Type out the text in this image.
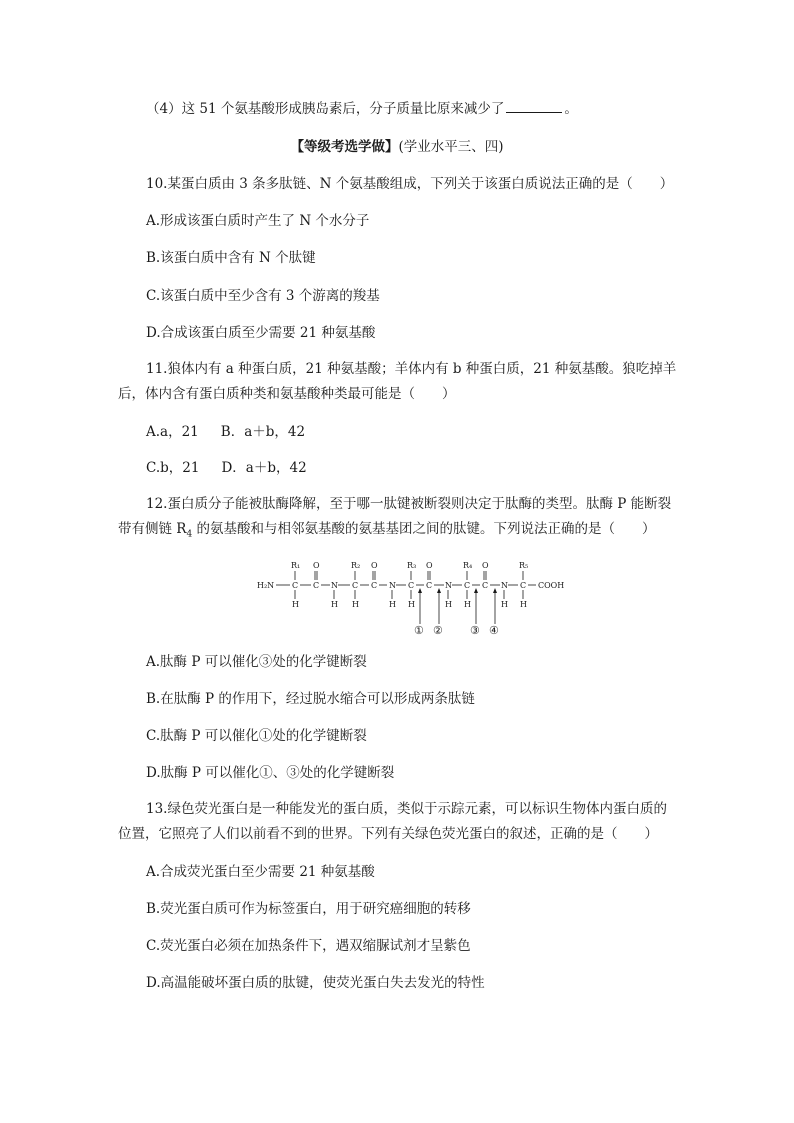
（4）这 51 个氨基酸形成胰岛素后，分子质量比原来减少了	。
【等级考选学做】(学业水平三、四)
10.某蛋白质由 3 条多肽链、N 个氨基酸组成，下列关于该蛋白质说法正确的是（　　）
A.形成该蛋白质时产生了 N 个水分子
B.该蛋白质中含有 N 个肽键
C.该蛋白质中至少含有 3 个游离的羧基
D.合成该蛋白质至少需要 21 种氨基酸
11.狼体内有 a 种蛋白质，21 种氨基酸；羊体内有 b 种蛋白质，21 种氨基酸。狼吃掉羊后，体内含有蛋白质种类和氨基酸种类最可能是（　　）
A.a，21 B．a＋b，42
C.b，21 D．a＋b，42
12.蛋白质分子能被肽酶降解，至于哪一肽键被断裂则决定于肽酶的类型。肽酶 P 能断裂带有侧链 $R_4$ 的氨基酸和与相邻氨基酸的氨基基团之间的肽键。下列说法正确的是（　　）
H₂N	COOH
R₁	R₂	R₃	R₄	R₅
C C N C C N C C N C C N C
O	O	O	O
H	H H	H H	H H	H H
① ② ③ ④
A.肽酶 P 可以催化③处的化学键断裂
B.在肽酶 P 的作用下，经过脱水缩合可以形成两条肽链
C.肽酶 P 可以催化①处的化学键断裂
D.肽酶 P 可以催化①、③处的化学键断裂
13.绿色荧光蛋白是一种能发光的蛋白质，类似于示踪元素，可以标识生物体内蛋白质的位置，它照亮了人们以前看不到的世界。下列有关绿色荧光蛋白的叙述，正确的是（　　）
A.合成荧光蛋白至少需要 21 种氨基酸
B.荧光蛋白质可作为标签蛋白，用于研究癌细胞的转移
C.荧光蛋白必须在加热条件下，遇双缩脲试剂才呈紫色
D.高温能破坏蛋白质的肽键，使荧光蛋白失去发光的特性
